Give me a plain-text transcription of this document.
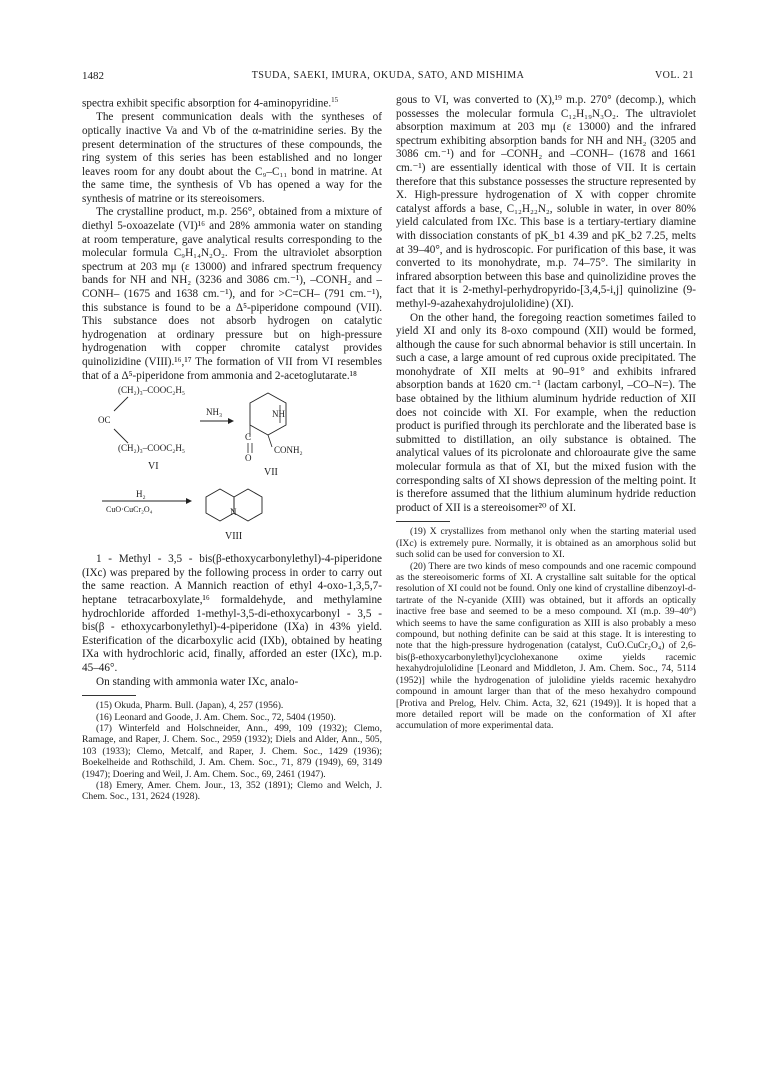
1482	TSUDA, SAEKI, IMURA, OKUDA, SATO, AND MISHIMA	VOL. 21

spectra exhibit specific absorption for 4-aminopyridine.$^{15}$

The present communication deals with the syntheses of optically inactive Va and Vb of the α-matrinidine series. By the present determination of the structures of these compounds, the ring system of this series has been established and no longer leaves room for any doubt about the C₉–C₁₁ bond in matrine. At the same time, the synthesis of Vb has opened a way for the synthesis of matrine or its stereoisomers.

The crystalline product, m.p. 256°, obtained from a mixture of diethyl 5-oxoazelate (VI)¹⁶ and 28% ammonia water on standing at room temperature, gave analytical results corresponding to the molecular formula C₉H₁₄N₂O₂. From the ultraviolet absorption spectrum at 203 mμ (ε 13000) and infrared spectrum frequency bands for NH and NH₂ (3236 and 3086 cm.⁻¹), –CONH₂ and –CONH– (1675 and 1638 cm.⁻¹), and for >C=CH– (791 cm.⁻¹), this substance is found to be a Δ⁵-piperidone compound (VII). This substance does not absorb hydrogen on catalytic hydrogenation at ordinary pressure but on high-pressure hydrogenation with copper chromite catalyst provides quinolizidine (VIII).¹⁶,¹⁷ The formation of VII from VI resembles that of a Δ⁵-piperidone from ammonia and 2-acetoglutarate.¹⁸

(CH₂)₃–COOC₂H₅
OC
(CH₂)₃–COOC₂H₅
VI
NH₃	NH
C
O
CONH₂
VII
H₂
CuO·CuCr₂O₄	N
VIII

1 - Methyl - 3,5 - bis(β-ethoxycarbonylethyl)-4-piperidone (IXc) was prepared by the following process in order to carry out the same reaction. A Mannich reaction of ethyl 4-oxo-1,3,5,7-heptane tetracarboxylate,¹⁶ formaldehyde, and methylamine hydrochloride afforded 1-methyl-3,5-di-ethoxycarbonyl - 3,5 - bis(β - ethoxycarbonylethyl)-4-piperidone (IXa) in 43% yield. Esterification of the dicarboxylic acid (IXb), obtained by heating IXa with hydrochloric acid, finally, afforded an ester (IXc), m.p. 45–46°.

On standing with ammonia water IXc, analo-

(15) Okuda, Pharm. Bull. (Japan), 4, 257 (1956).

(16) Leonard and Goode, J. Am. Chem. Soc., 72, 5404 (1950).

(17) Winterfeld and Holschneider, Ann., 499, 109 (1932); Clemo, Ramage, and Raper, J. Chem. Soc., 2959 (1932); Diels and Alder, Ann., 505, 103 (1933); Clemo, Metcalf, and Raper, J. Chem. Soc., 1429 (1936); Boekelheide and Rothschild, J. Am. Chem. Soc., 71, 879 (1949), 69, 3149 (1947); Doering and Weil, J. Am. Chem. Soc., 69, 2461 (1947).

(18) Emery, Amer. Chem. Jour., 13, 352 (1891); Clemo and Welch, J. Chem. Soc., 131, 2624 (1928).

gous to VI, was converted to (X),¹⁹ m.p. 270° (decomp.), which possesses the molecular formula C₁₂H₁₉N₃O₂. The ultraviolet absorption maximum at 203 mμ (ε 13000) and the infrared spectrum exhibiting absorption bands for NH and NH₂ (3205 and 3086 cm.⁻¹) and for –CONH₂ and –CONH– (1678 and 1661 cm.⁻¹) are essentially identical with those of VII. It is certain therefore that this substance possesses the structure represented by X. High-pressure hydrogenation of X with copper chromite catalyst affords a base, C₁₂H₂₂N₂, soluble in water, in over 80% yield calculated from IXc. This base is a tertiary-tertiary diamine with dissociation constants of pK_b1 4.39 and pK_b2 7.25, melts at 39–40°, and is hydroscopic. For purification of this base, it was converted to its monohydrate, m.p. 74–75°. The similarity in infrared absorption between this base and quinolizidine proves the fact that it is 2-methyl-perhydropyrido-[3,4,5-i,j] quinolizine (9-methyl-9-azahexahydrojulolidine) (XI).

On the other hand, the foregoing reaction sometimes failed to yield XI and only its 8-oxo compound (XII) would be formed, although the cause for such abnormal behavior is still uncertain. In such a case, a large amount of red cuprous oxide precipitated. The monohydrate of XII melts at 90–91° and exhibits infrared absorption bands at 1620 cm.⁻¹ (lactam carbonyl, –CO–N=). The base obtained by the lithium aluminum hydride reduction of XII does not coincide with XI. For example, when the reduction product is purified through its perchlorate and the liberated base is submitted to distillation, an oily substance is obtained. The analytical values of its picrolonate and chloroaurate give the same molecular formula as that of XI, but the mixed fusion with the corresponding salts of XI shows depression of the melting point. It is therefore assumed that the lithium aluminum hydride reduction product of XII is a stereoisomer²⁰ of XI.

(19) X crystallizes from methanol only when the starting material used (IXc) is extremely pure. Normally, it is obtained as an amorphous solid but such solid can be used for conversion to XI.

(20) There are two kinds of meso compounds and one racemic compound as the stereoisomeric forms of XI. A crystalline salt suitable for the optical resolution of XI could not be found. Only one kind of crystalline dibenzoyl-d-tartrate of the N-cyanide (XIII) was obtained, but it affords an optically inactive free base and seemed to be a meso compound. XI (m.p. 39–40°) which seems to have the same configuration as XIII is also probably a meso compound, but nothing definite can be said at this stage. It is interesting to note that the high-pressure hydrogenation (catalyst, CuO.CuCr₂O₄) of 2,6-bis(β-ethoxycarbonylethyl)cyclohexanone oxime yields racemic hexahydrojulolidine [Leonard and Middleton, J. Am. Chem. Soc., 74, 5114 (1952)] while the hydrogenation of julolidine yields racemic hexahydro compound in amount larger than that of the meso hexahydro compound [Protiva and Prelog, Helv. Chim. Acta, 32, 621 (1949)]. It is hoped that a more detailed report will be made on the conformation of XI after accumulation of more experimental data.
